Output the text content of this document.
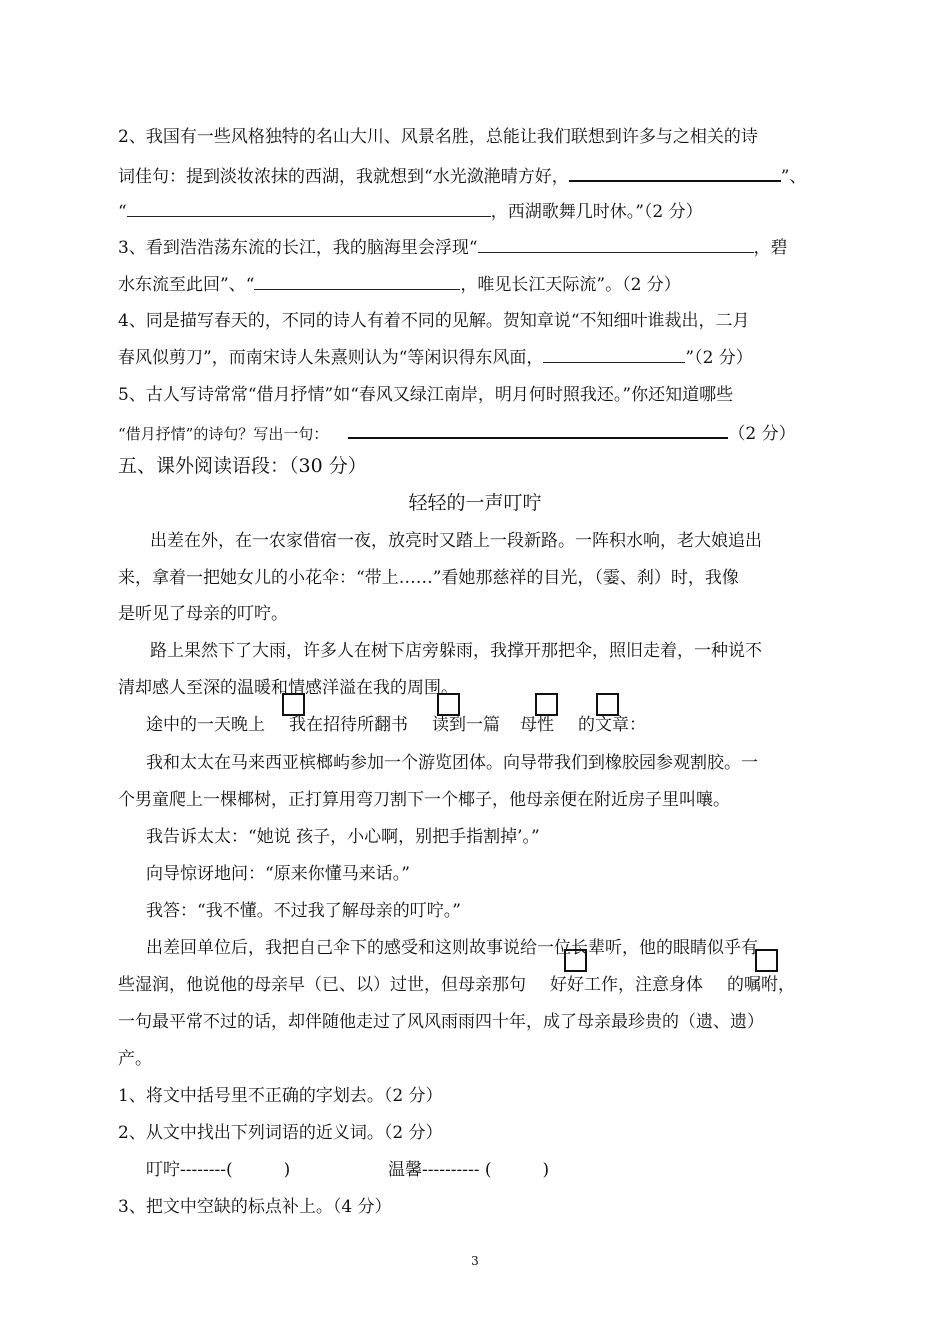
2、我国有一些风格独特的名山大川、风景名胜，总能让我们联想到许多与之相关的诗
词佳句：提到淡妆浓抹的西湖，我就想到“水光潋滟晴方好，	”、
“	，西湖歌舞几时休。”（2 分）
3、看到浩浩荡东流的长江，我的脑海里会浮现“	，碧
水东流至此回”、“	，唯见长江天际流”。（2 分）
4、同是描写春天的，不同的诗人有着不同的见解。贺知章说“不知细叶谁裁出，二月
春风似剪刀”，而南宋诗人朱熹则认为“等闲识得东风面，	”（2 分）
5、古人写诗常常“借月抒情”如“春风又绿江南岸，明月何时照我还。”你还知道哪些
“借月抒情”的诗句？写出一句：	（2 分）
五、课外阅读语段：（30 分）
轻轻的一声叮咛
出差在外，在一农家借宿一夜，放亮时又踏上一段新路。一阵积水响，老大娘追出
来，拿着一把她女儿的小花伞：“带上……”看她那慈祥的目光，（霎、刹）时，我像
是听见了母亲的叮咛。
路上果然下了大雨，许多人在树下店旁躲雨，我撑开那把伞，照旧走着，一种说不
清却感人至深的温暖和情感洋溢在我的周围。
途中的一天晚上 我在招待所翻书 读到一篇 母性 的文章：
我和太太在马来西亚槟榔屿参加一个游览团体。向导带我们到橡胶园参观割胶。一
个男童爬上一棵椰树，正打算用弯刀割下一个椰子，他母亲便在附近房子里叫嚷。
我告诉太太：“她说 孩子，小心啊，别把手指割掉’。”
向导惊讶地问：“原来你懂马来话。”
我答：“我不懂。不过我了解母亲的叮咛。”
出差回单位后，我把自己伞下的感受和这则故事说给一位长辈听，他的眼睛似乎有
些湿润，他说他的母亲早（已、以）过世，但母亲那句 好好工作，注意身体 的嘱咐，
一句最平常不过的话，却伴随他走过了风风雨雨四十年，成了母亲最珍贵的（遗、遗）
产。
1、将文中括号里不正确的字划去。（2 分）
2、从文中找出下列词语的近义词。（2 分）
叮咛--------(　　　)	温馨---------- (　　　)
3、把文中空缺的标点补上。（4 分）
3
